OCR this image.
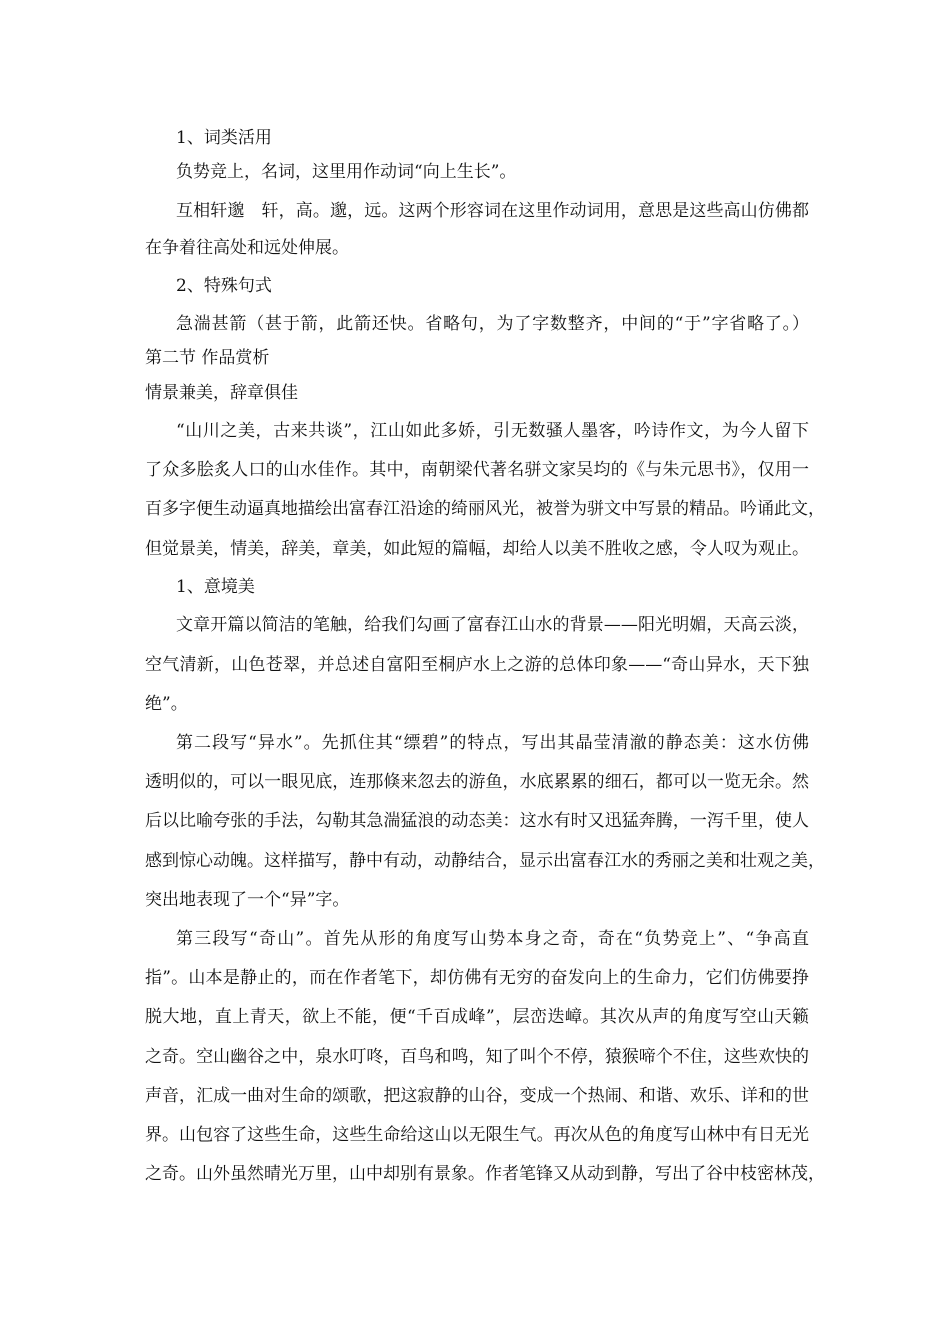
1、词类活用
负势竞上，名词，这里用作动词“向上生长”。
互相轩邈　轩，高。邈，远。这两个形容词在这里作动词用，意思是这些高山仿佛都
在争着往高处和远处伸展。
2、特殊句式
急湍甚箭（甚于箭，此箭还快。省略句，为了字数整齐，中间的“于”字省略了。）
第二节 作品赏析
情景兼美，辞章俱佳
“山川之美，古来共谈”，江山如此多娇，引无数骚人墨客，吟诗作文，为今人留下
了众多脍炙人口的山水佳作。其中，南朝梁代著名骈文家吴均的《与朱元思书》，仅用一
百多字便生动逼真地描绘出富春江沿途的绮丽风光，被誉为骈文中写景的精品。吟诵此文，
但觉景美，情美，辞美，章美，如此短的篇幅，却给人以美不胜收之感，令人叹为观止。
1、意境美
文章开篇以简洁的笔触，给我们勾画了富春江山水的背景——阳光明媚，天高云淡，
空气清新，山色苍翠，并总述自富阳至桐庐水上之游的总体印象——“奇山异水，天下独
绝”。
第二段写“异水”。先抓住其“缥碧”的特点，写出其晶莹清澈的静态美：这水仿佛
透明似的，可以一眼见底，连那倏来忽去的游鱼，水底累累的细石，都可以一览无余。然
后以比喻夸张的手法，勾勒其急湍猛浪的动态美：这水有时又迅猛奔腾，一泻千里，使人
感到惊心动魄。这样描写，静中有动，动静结合，显示出富春江水的秀丽之美和壮观之美，
突出地表现了一个“异”字。
第三段写“奇山”。首先从形的角度写山势本身之奇，奇在“负势竞上”、“争高直
指”。山本是静止的，而在作者笔下，却仿佛有无穷的奋发向上的生命力，它们仿佛要挣
脱大地，直上青天，欲上不能，便“千百成峰”，层峦迭嶂。其次从声的角度写空山天籁
之奇。空山幽谷之中，泉水叮咚，百鸟和鸣，知了叫个不停，猿猴啼个不住，这些欢快的
声音，汇成一曲对生命的颂歌，把这寂静的山谷，变成一个热闹、和谐、欢乐、详和的世
界。山包容了这些生命，这些生命给这山以无限生气。再次从色的角度写山林中有日无光
之奇。山外虽然晴光万里，山中却别有景象。作者笔锋又从动到静，写出了谷中枝密林茂，
